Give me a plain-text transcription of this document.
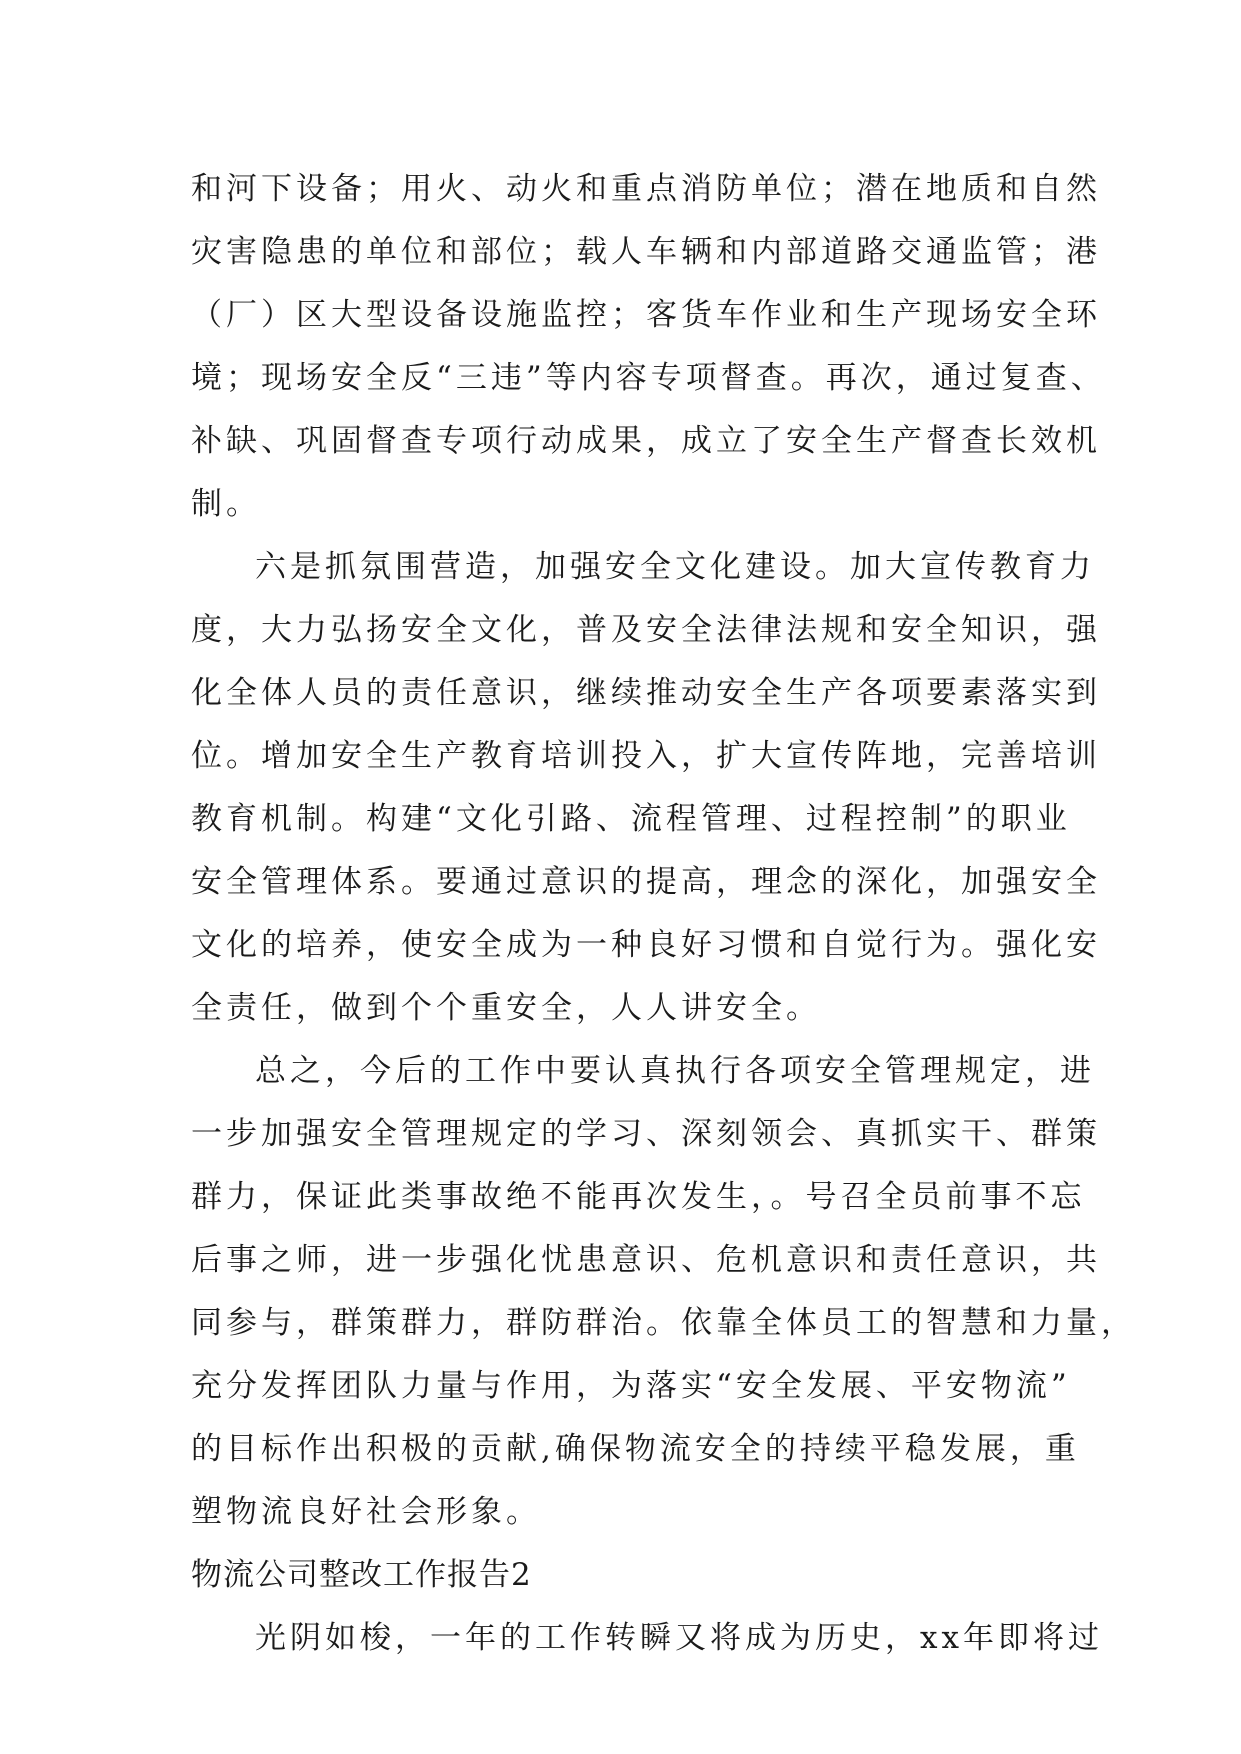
和河下设备；用火、动火和重点消防单位；潜在地质和自然
灾害隐患的单位和部位；载人车辆和内部道路交通监管；港
（厂）区大型设备设施监控；客货车作业和生产现场安全环
境；现场安全反“三违”等内容专项督查。再次，通过复查、
补缺、巩固督查专项行动成果，成立了安全生产督查长效机
制。
六是抓氛围营造，加强安全文化建设。加大宣传教育力
度，大力弘扬安全文化，普及安全法律法规和安全知识，强
化全体人员的责任意识，继续推动安全生产各项要素落实到
位。增加安全生产教育培训投入，扩大宣传阵地，完善培训
教育机制。构建“文化引路、流程管理、过程控制”的职业
安全管理体系。要通过意识的提高，理念的深化，加强安全
文化的培养，使安全成为一种良好习惯和自觉行为。强化安
全责任，做到个个重安全，人人讲安全。
总之，今后的工作中要认真执行各项安全管理规定，进
一步加强安全管理规定的学习、深刻领会、真抓实干、群策
群力，保证此类事故绝不能再次发生，。号召全员前事不忘
后事之师，进一步强化忧患意识、危机意识和责任意识，共
同参与，群策群力，群防群治。依靠全体员工的智慧和力量，
充分发挥团队力量与作用，为落实“安全发展、平安物流”
的目标作出积极的贡献,确保物流安全的持续平稳发展，重
塑物流良好社会形象。
物流公司整改工作报告2
光阴如梭，一年的工作转瞬又将成为历史，xx年即将过
